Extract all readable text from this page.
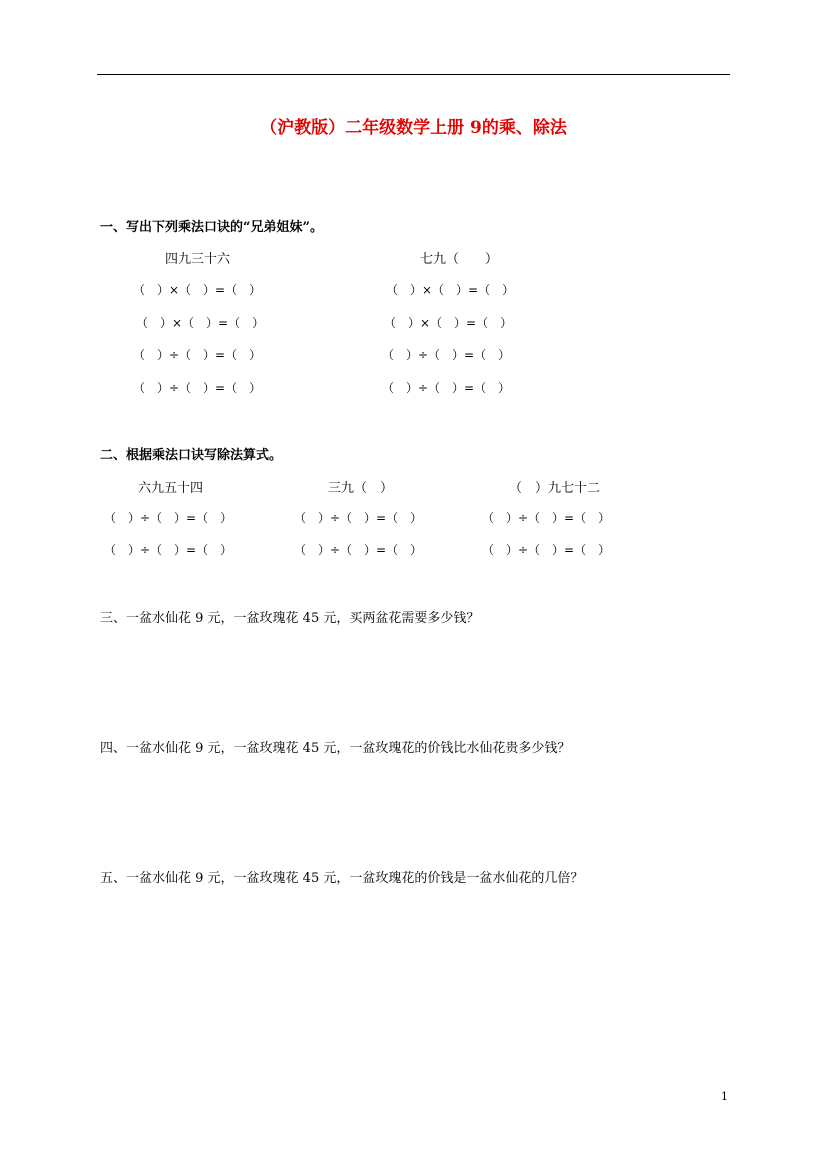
（沪教版）二年级数学上册 9的乘、除法
一、写出下列乘法口诀的“兄弟姐妹”。
四九三十六
（　）×（　）=（　）
（　）×（　）=（　）
（　）÷（　）=（　）
（　）÷（　）=（　）
七九（　　）
（　）×（　）=（　）
（　）×（　）=（　）
（　）÷（　）=（　）
（　）÷（　）=（　）
二、根据乘法口诀写除法算式。
六九五十四
（　）÷（　）=（　）
（　）÷（　）=（　）
三九（　）
（　）÷（　）=（　）
（　）÷（　）=（　）
（　）九七十二
（　）÷（　）=（　）
（　）÷（　）=（　）
三、一盆水仙花 9 元，一盆玫瑰花 45 元，买两盆花需要多少钱？
四、一盆水仙花 9 元，一盆玫瑰花 45 元，一盆玫瑰花的价钱比水仙花贵多少钱？
五、一盆水仙花 9 元，一盆玫瑰花 45 元，一盆玫瑰花的价钱是一盆水仙花的几倍？
1
